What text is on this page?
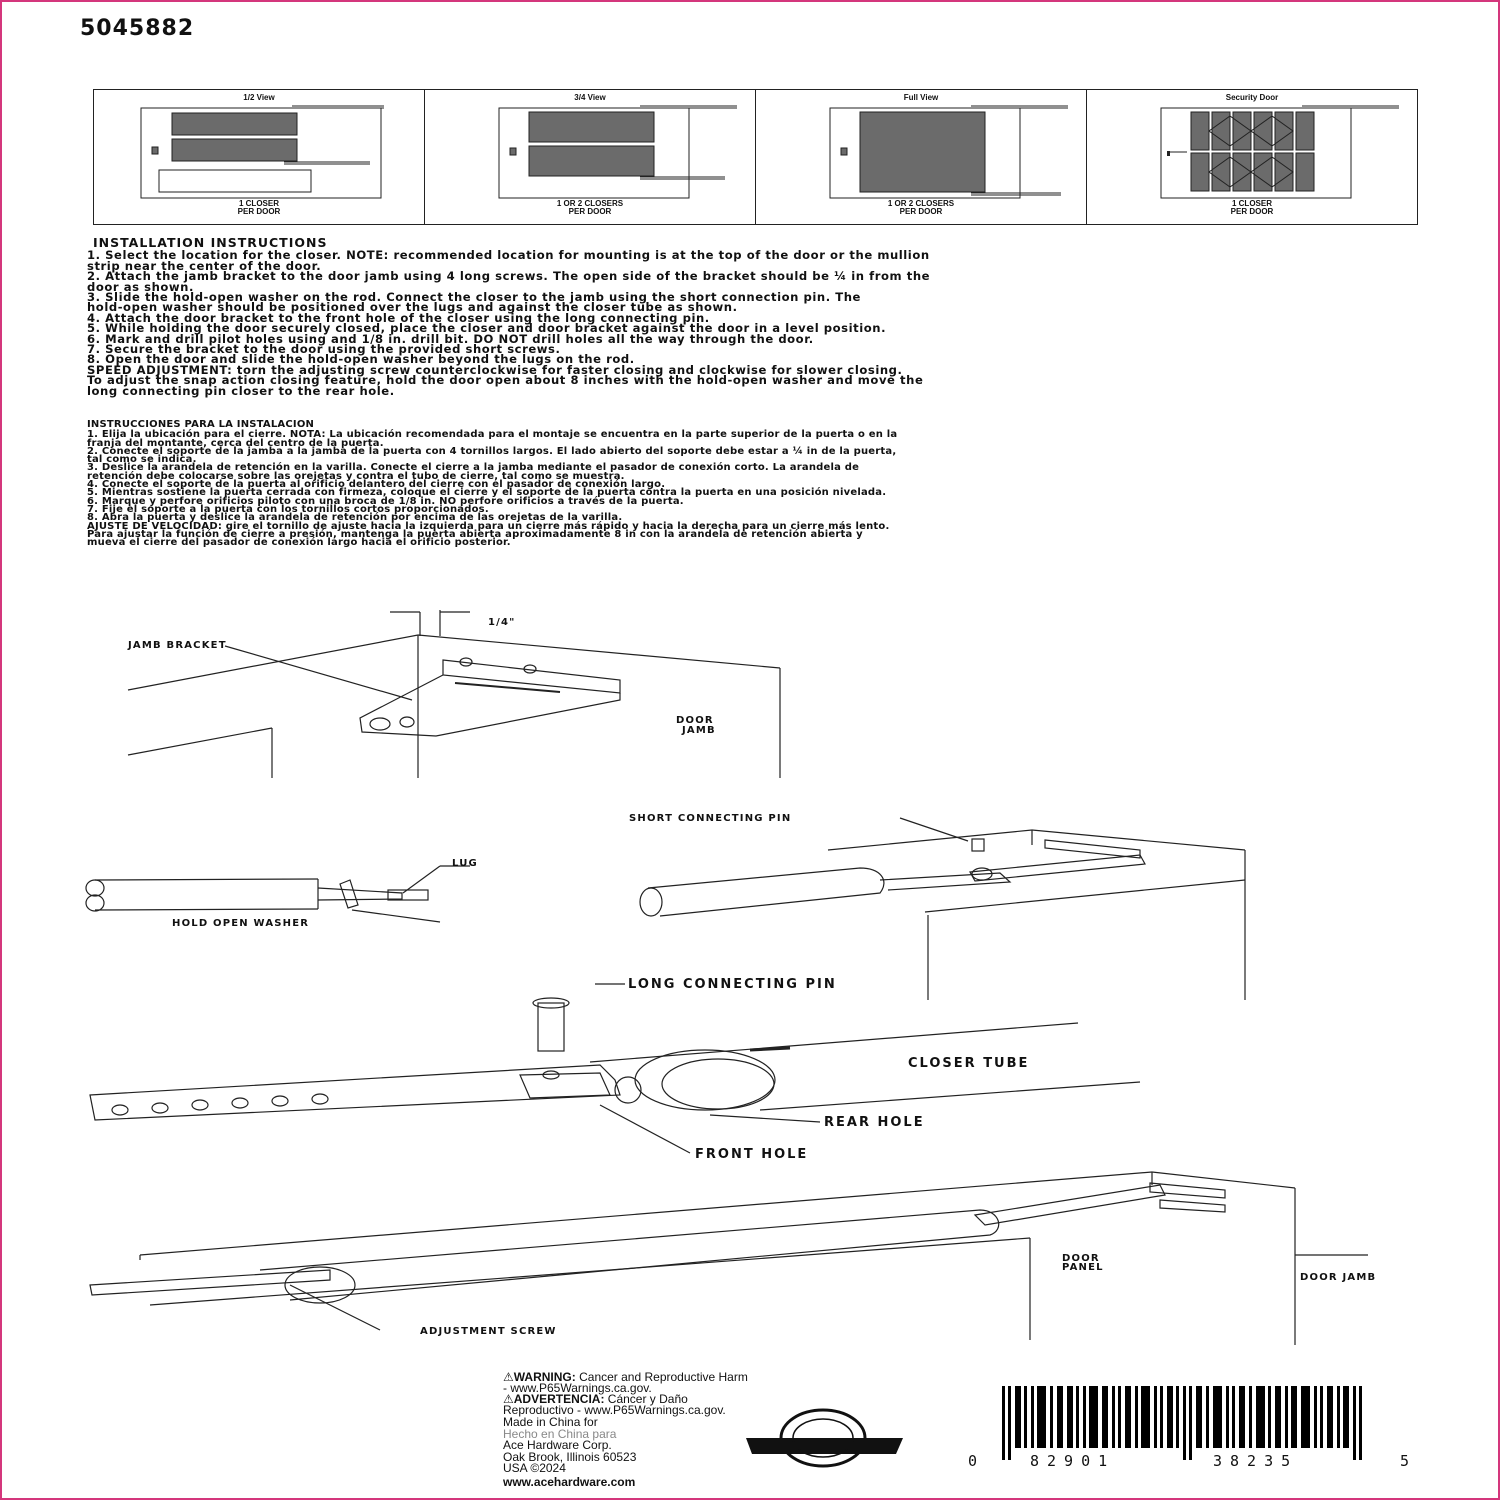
5045882
1/2 View
1 CLOSER
PER DOOR
3/4 View
1 OR 2 CLOSERS
PER DOOR
Full View
1 OR 2 CLOSERS
PER DOOR
Security Door
1 CLOSER
PER DOOR
INSTALLATION INSTRUCTIONS
1. Select the location for the closer. NOTE: recommended location for mounting is at the top of the door or the mullion
strip near the center of the door.
2. Attach the jamb bracket to the door jamb using 4 long screws. The open side of the bracket should be ¼ in from the
door as shown.
3. Slide the hold-open washer on the rod. Connect the closer to the jamb using the short connection pin. The
hold-open washer should be positioned over the lugs and against the closer tube as shown.
4. Attach the door bracket to the front hole of the closer using the long connecting pin.
5. While holding the door securely closed, place the closer and door bracket against the door in a level position.
6. Mark and drill pilot holes using and 1/8 in. drill bit. DO NOT drill holes all the way through the door.
7. Secure the bracket to the door using the provided short screws.
8. Open the door and slide the hold-open washer beyond the lugs on the rod.
SPEED ADJUSTMENT: torn the adjusting screw counterclockwise for faster closing and clockwise for slower closing.
To adjust the snap action closing feature, hold the door open about 8 inches with the hold-open washer and move the
long connecting pin closer to the rear hole.
INSTRUCCIONES PARA LA INSTALACION
1. Elija la ubicación para el cierre. NOTA: La ubicación recomendada para el montaje se encuentra en la parte superior de la puerta o en la
franja del montante, cerca del centro de la puerta.
2. Conecte el soporte de la jamba a la jamba de la puerta con 4 tornillos largos. El lado abierto del soporte debe estar a ¼ in de la puerta,
tal como se indica.
3. Deslice la arandela de retención en la varilla. Conecte el cierre a la jamba mediante el pasador de conexión corto. La arandela de
retención debe colocarse sobre las orejetas y contra el tubo de cierre, tal como se muestra.
4. Conecte el soporte de la puerta al orificio delantero del cierre con el pasador de conexión largo.
5. Mientras sostiene la puerta cerrada con firmeza, coloque el cierre y el soporte de la puerta contra la puerta en una posición nivelada.
6. Marque y perfore orificios piloto con una broca de 1/8 in. NO perfore orificios a través de la puerta.
7. Fije el soporte a la puerta con los tornillos cortos proporcionados.
8. Abra la puerta y deslice la arandela de retención por encima de las orejetas de la varilla.
AJUSTE DE VELOCIDAD: gire el tornillo de ajuste hacia la izquierda para un cierre más rápido y hacia la derecha para un cierre más lento.
Para ajustar la función de cierre a presión, mantenga la puerta abierta aproximadamente 8 in con la arandela de retención abierta y
mueva el cierre del pasador de conexión largo hacia el orificio posterior.
1/4"
JAMB BRACKET
DOOR
JAMB
SHORT CONNECTING PIN
LUG
HOLD OPEN WASHER
LONG CONNECTING PIN
CLOSER TUBE
REAR HOLE
FRONT HOLE
DOOR
PANEL
DOOR JAMB
ADJUSTMENT SCREW
⚠WARNING: Cancer and Reproductive Harm
- www.P65Warnings.ca.gov.
⚠ADVERTENCIA: Cáncer y Daño
Reproductivo - www.P65Warnings.ca.gov.
Made in China for
Hecho en China para
Ace Hardware Corp.
Oak Brook, Illinois 60523
USA ©2024
www.acehardware.com
0	82901	38235	5
